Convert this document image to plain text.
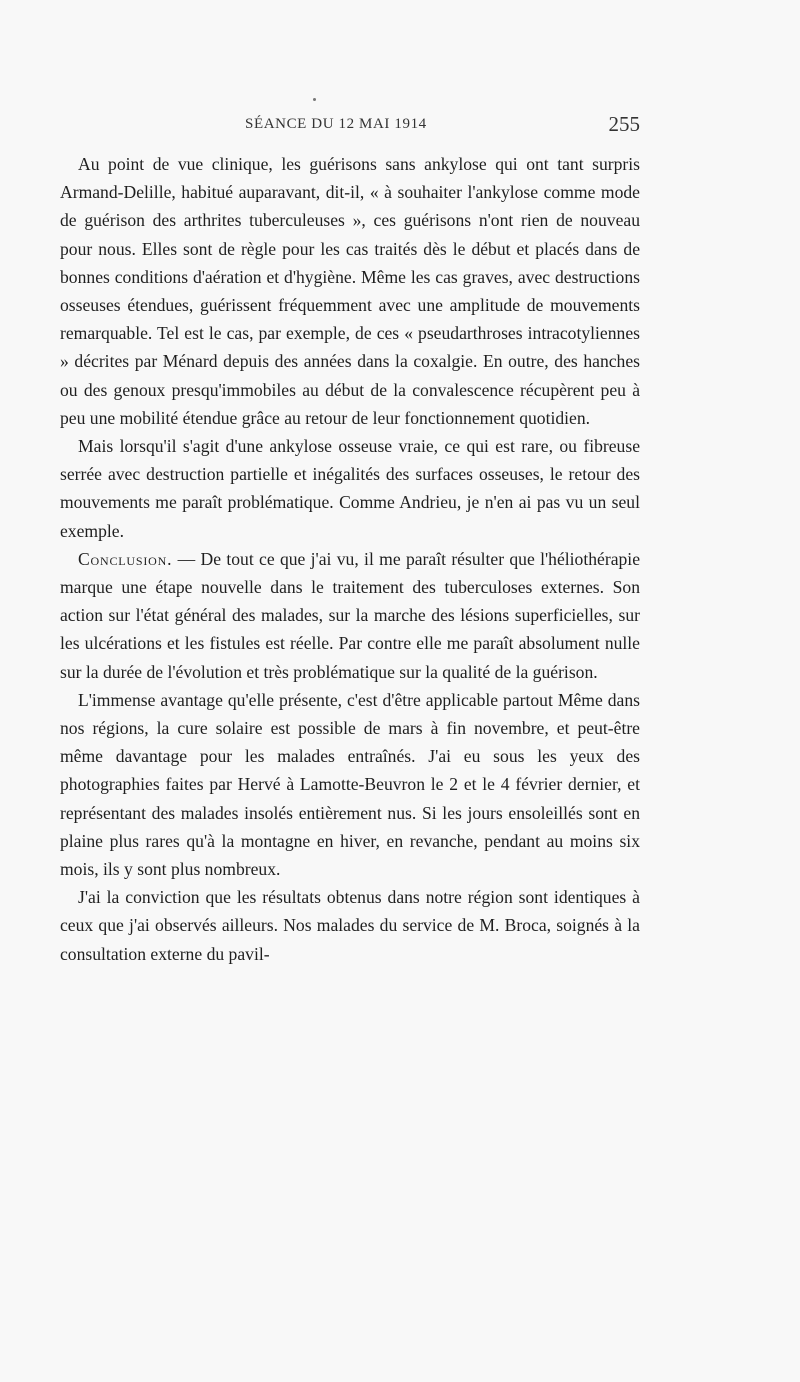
SÉANCE DU 12 MAI 1914	255

Au point de vue clinique, les guérisons sans ankylose qui ont tant surpris Armand-Delille, habitué auparavant, dit-il, « à souhaiter l'ankylose comme mode de guérison des arthrites tuberculeuses », ces guérisons n'ont rien de nouveau pour nous. Elles sont de règle pour les cas traités dès le début et placés dans de bonnes conditions d'aération et d'hygiène. Même les cas graves, avec destructions osseuses étendues, guérissent fréquemment avec une amplitude de mouvements remarquable. Tel est le cas, par exemple, de ces « pseudarthroses intracotyliennes » décrites par Ménard depuis des années dans la coxalgie. En outre, des hanches ou des genoux presqu'immobiles au début de la convalescence récupèrent peu à peu une mobilité étendue grâce au retour de leur fonctionnement quotidien.

Mais lorsqu'il s'agit d'une ankylose osseuse vraie, ce qui est rare, ou fibreuse serrée avec destruction partielle et inégalités des surfaces osseuses, le retour des mouvements me paraît problématique. Comme Andrieu, je n'en ai pas vu un seul exemple.

Conclusion. — De tout ce que j'ai vu, il me paraît résulter que l'héliothérapie marque une étape nouvelle dans le traitement des tuberculoses externes. Son action sur l'état général des malades, sur la marche des lésions superficielles, sur les ulcérations et les fistules est réelle. Par contre elle me paraît absolument nulle sur la durée de l'évolution et très problématique sur la qualité de la guérison.

L'immense avantage qu'elle présente, c'est d'être applicable partout Même dans nos régions, la cure solaire est possible de mars à fin novembre, et peut-être même davantage pour les malades entraînés. J'ai eu sous les yeux des photographies faites par Hervé à Lamotte-Beuvron le 2 et le 4 février dernier, et représentant des malades insolés entièrement nus. Si les jours ensoleillés sont en plaine plus rares qu'à la montagne en hiver, en revanche, pendant au moins six mois, ils y sont plus nombreux.

J'ai la conviction que les résultats obtenus dans notre région sont identiques à ceux que j'ai observés ailleurs. Nos malades du service de M. Broca, soignés à la consultation externe du pavil-
